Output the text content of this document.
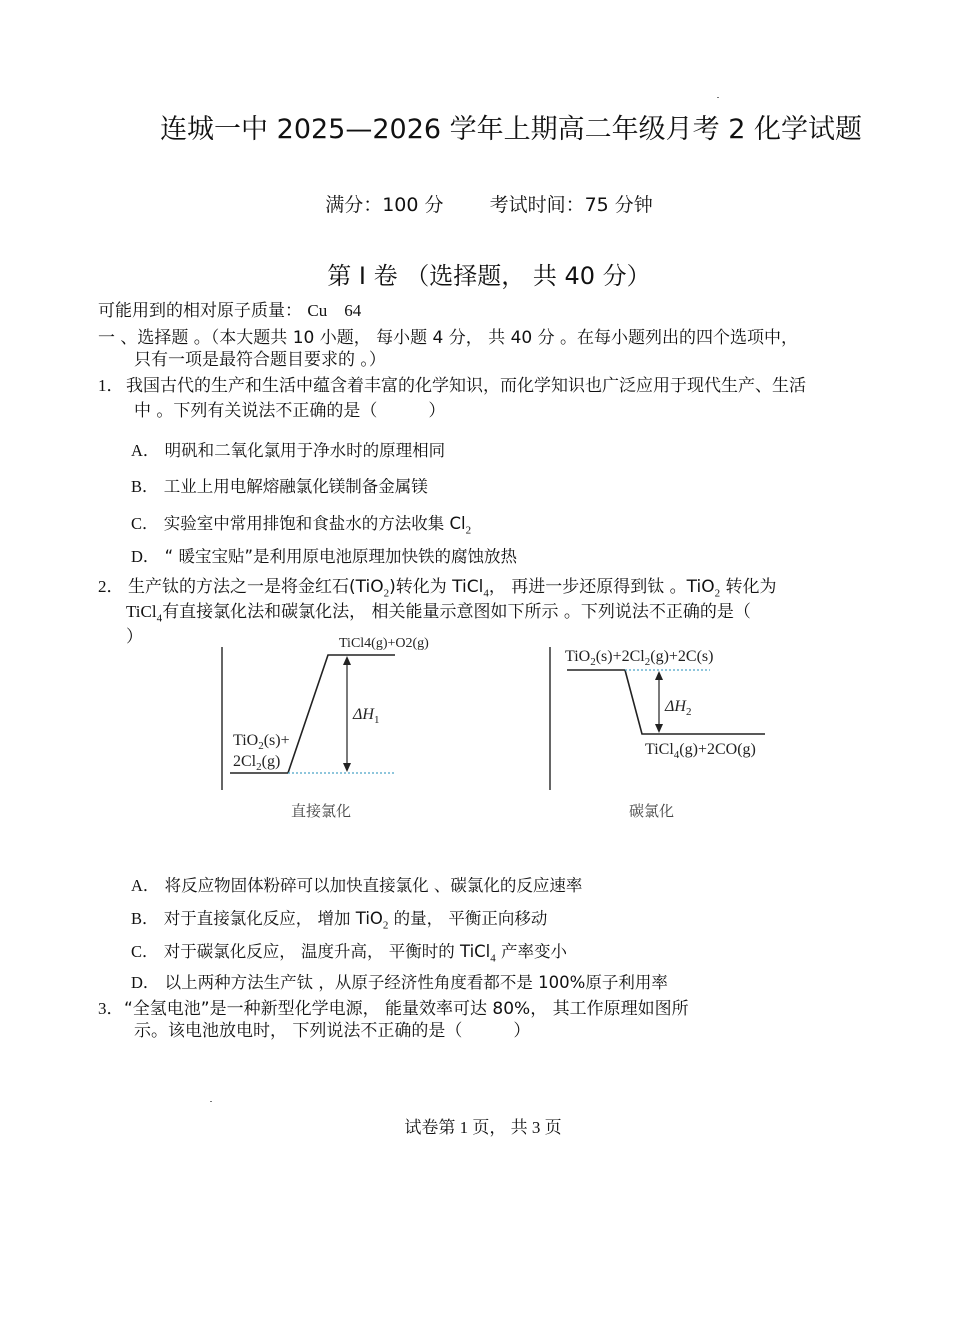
连城一中 2025—2026 学年上期高二年级月考 2 化学试题
满分：100 分 考试时间：75 分钟
第 Ⅰ 卷 （选择题， 共 40 分）
可能用到的相对原子质量： Cu　64
一 、选择题 。（本大题共 10 小题， 每小题 4 分， 共 40 分 。在每小题列出的四个选项中，
只有一项是最符合题目要求的 。）
1． 我国古代的生产和生活中蕴含着丰富的化学知识，而化学知识也广泛应用于现代生产、生活
中 。下列有关说法不正确的是（　　　）
A． 明矾和二氧化氯用于净水时的原理相同
B． 工业上用电解熔融氯化镁制备金属镁
C． 实验室中常用排饱和食盐水的方法收集 $Cl_2$
D． “ 暖宝宝贴”是利用原电池原理加快铁的腐蚀放热
2． 生产钛的方法之一是将金红石(TiO$_2$)转化为 TiCl$_4$， 再进一步还原得到钛 。TiO$_2$ 转化为
TiCl$_4$有直接氯化法和碳氯化法， 相关能量示意图如下所示 。下列说法不正确的是（
）	TiCl4(g)+O2(g)
TiO$_2$(s)+
$2Cl_2(g)$
$\Delta H_1$
直接氯化
$TiO_2(s)+2Cl_2(g)+2C(s)$
$\Delta H_2$
TiCl$_4$(g)+2CO(g)
碳氯化
A． 将反应物固体粉碎可以加快直接氯化 、碳氯化的反应速率
B． 对于直接氯化反应， 增加 TiO$_2$ 的量， 平衡正向移动
C． 对于碳氯化反应， 温度升高， 平衡时的 TiCl$_4$ 产率变小
D． 以上两种方法生产钛 ，从原子经济性角度看都不是 100%原子利用率
3． “全氢电池”是一种新型化学电源， 能量效率可达 80%， 其工作原理如图所
示。该电池放电时， 下列说法不正确的是（　　　）
试卷第 1 页， 共 3 页
